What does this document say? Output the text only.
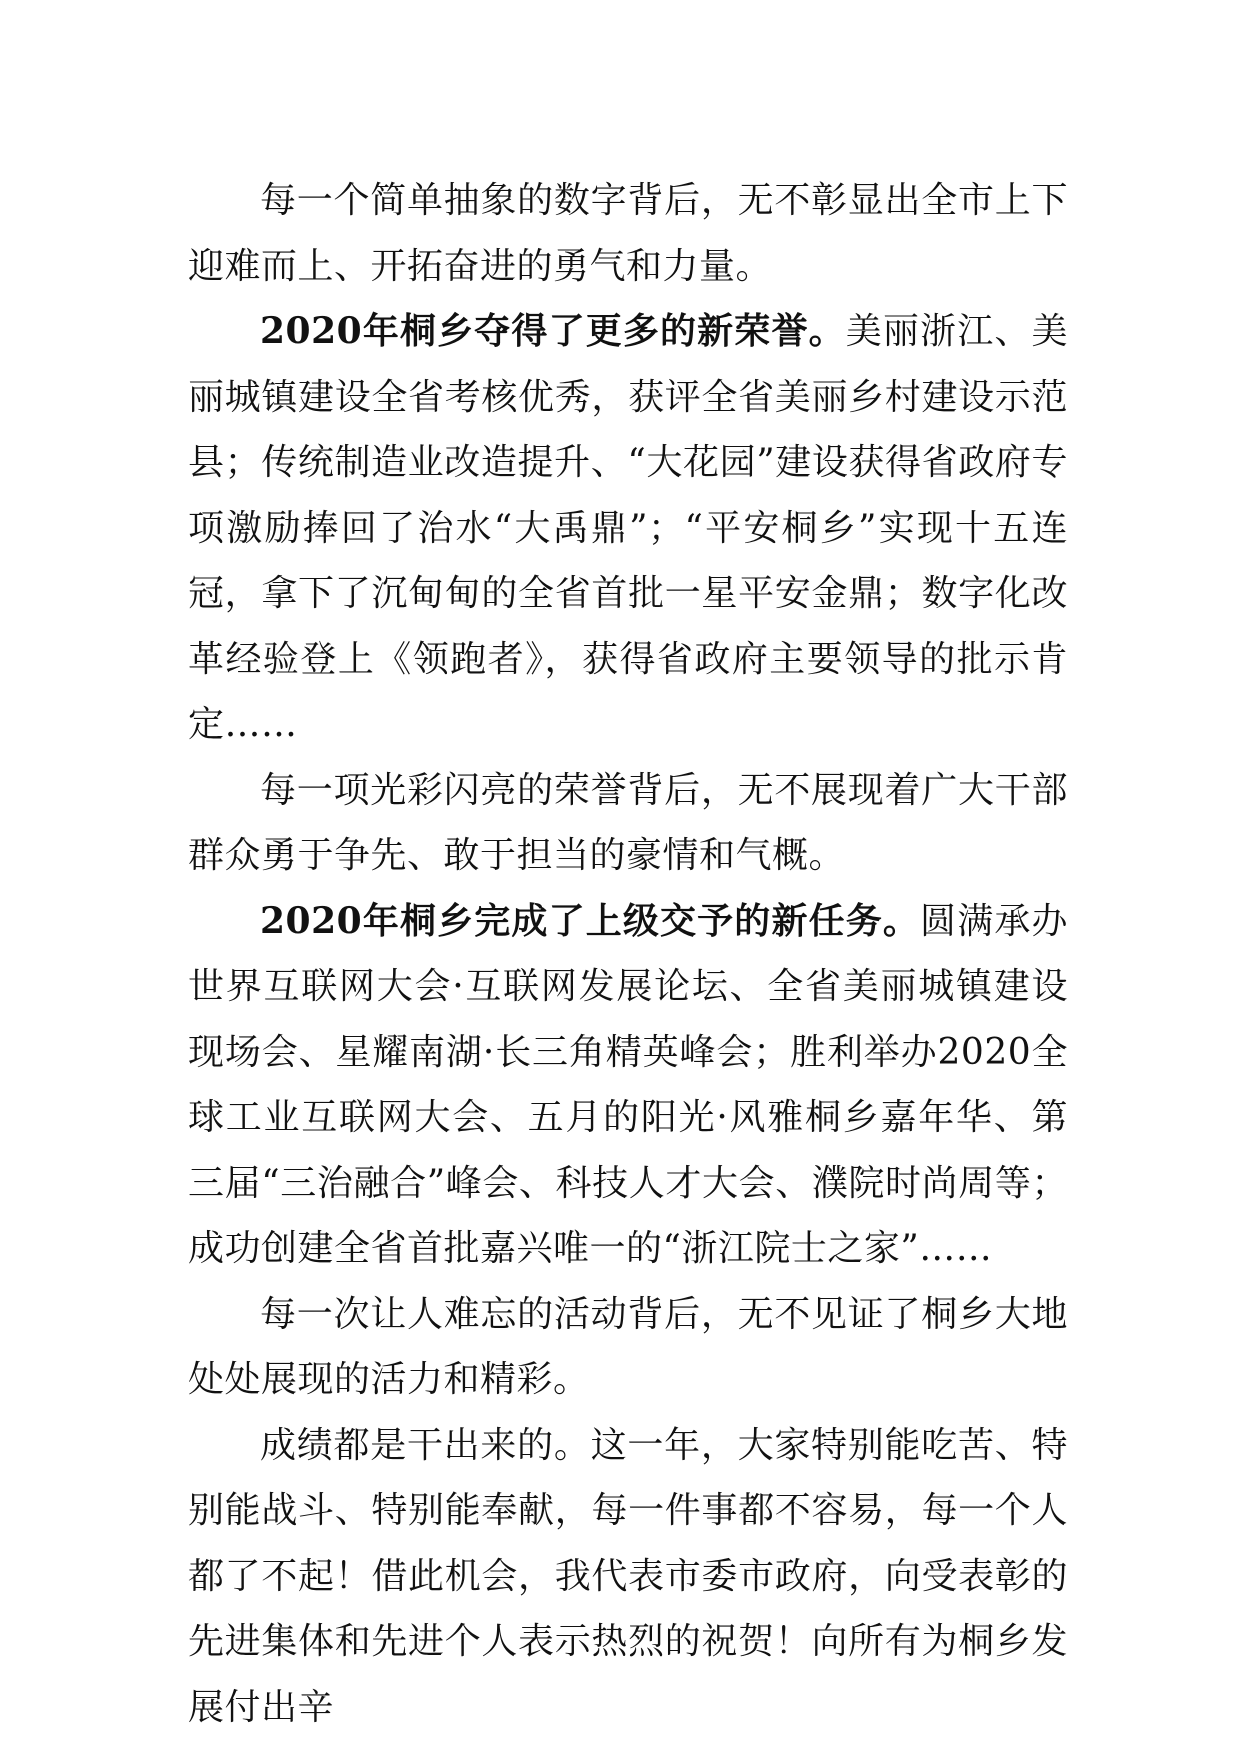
每一个简单抽象的数字背后，无不彰显出全市上下迎难而上、开拓奋进的勇气和力量。

2020年桐乡夺得了更多的新荣誉。美丽浙江、美丽城镇建设全省考核优秀，获评全省美丽乡村建设示范县；传统制造业改造提升、“大花园”建设获得省政府专项激励捧回了治水“大禹鼎”；“平安桐乡”实现十五连冠，拿下了沉甸甸的全省首批一星平安金鼎；数字化改革经验登上《领跑者》，获得省政府主要领导的批示肯定……

每一项光彩闪亮的荣誉背后，无不展现着广大干部群众勇于争先、敢于担当的豪情和气概。

2020年桐乡完成了上级交予的新任务。圆满承办世界互联网大会·互联网发展论坛、全省美丽城镇建设现场会、星耀南湖·长三角精英峰会；胜利举办2020全球工业互联网大会、五月的阳光·风雅桐乡嘉年华、第三届“三治融合”峰会、科技人才大会、濮院时尚周等；成功创建全省首批嘉兴唯一的“浙江院士之家”……

每一次让人难忘的活动背后，无不见证了桐乡大地处处展现的活力和精彩。

成绩都是干出来的。这一年，大家特别能吃苦、特别能战斗、特别能奉献，每一件事都不容易，每一个人都了不起！借此机会，我代表市委市政府，向受表彰的先进集体和先进个人表示热烈的祝贺！向所有为桐乡发展付出辛
